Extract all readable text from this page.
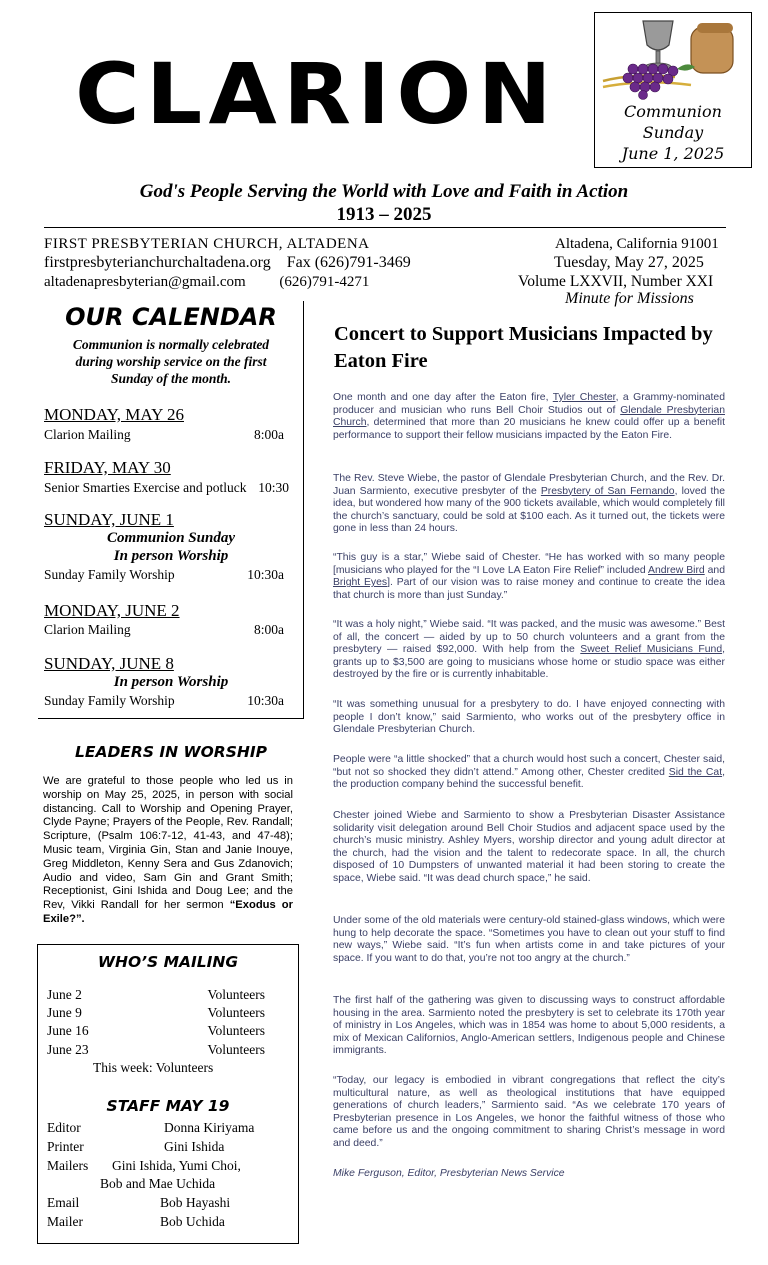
CLARION	Communion
Sunday
June 1, 2025
God's People Serving the World with Love and Faith in Action
1913 – 2025
FIRST PRESBYTERIAN CHURCH, ALTADENA
firstpresbyterianchurchaltadena.org    Fax (626)791-3469
altadenapresbyterian@gmail.com         (626)791-4271
Altadena, California 91001
Tuesday, May 27, 2025
Volume LXXVII, Number XXI
OUR CALENDAR
Communion is normally celebrated during worship service on the first Sunday of the month.
MONDAY, MAY 26
Clarion Mailing	8:00a
FRIDAY, MAY 30
Senior Smarties Exercise and potluck 10:30
SUNDAY, JUNE 1
Communion Sunday
In person Worship
Sunday Family Worship	10:30a
MONDAY, JUNE 2
Clarion Mailing	8:00a
SUNDAY, JUNE 8
In person Worship
Sunday Family Worship	10:30a
LEADERS IN WORSHIP
We are grateful to those people who led us in worship on May 25, 2025, in person with social distancing. Call to Worship and Opening Prayer, Clyde Payne; Prayers of the People, Rev. Randall; Scripture, (Psalm 106:7-12, 41-43, and 47-48); Music team, Virginia Gin, Stan and Janie Inouye, Greg Middleton, Kenny Sera and Gus Zdanovich; Audio and video, Sam Gin and Grant Smith; Receptionist, Gini Ishida and Doug Lee; and the Rev, Vikki Randall for her sermon “Exodus or Exile?”.
WHO’S MAILING
June 2	Volunteers
June 9	Volunteers
June 16	Volunteers
June 23	Volunteers
This week: Volunteers
STAFF MAY 19
Editor	Donna Kiriyama
Printer	Gini Ishida
Mailers Gini Ishida, Yumi Choi,
Bob and Mae Uchida
Email	Bob Hayashi
Mailer	Bob Uchida
Minute for Missions
Concert to Support Musicians Impacted by Eaton Fire
One month and one day after the Eaton fire, Tyler Chester, a Grammy-nominated producer and musician who runs Bell Choir Studios out of Glendale Presbyterian Church, determined that more than 20 musicians he knew could offer up a benefit performance to support their fellow musicians impacted by the Eaton Fire.
The Rev. Steve Wiebe, the pastor of Glendale Presbyterian Church, and the Rev. Dr. Juan Sarmiento, executive presbyter of the Presbytery of San Fernando, loved the idea, but wondered how many of the 900 tickets available, which would completely fill the church’s sanctuary, could be sold at $100 each. As it turned out, the tickets were gone in less than 24 hours.
“This guy is a star,” Wiebe said of Chester. “He has worked with so many people [musicians who played for the “I Love LA Eaton Fire Relief” included Andrew Bird and Bright Eyes]. Part of our vision was to raise money and continue to create the idea that church is more than just Sunday.”
“It was a holy night,” Wiebe said. “It was packed, and the music was awesome.” Best of all, the concert — aided by up to 50 church volunteers and a grant from the presbytery — raised $92,000. With help from the Sweet Relief Musicians Fund, grants up to $3,500 are going to musicians whose home or studio space was either destroyed by the fire or is currently inhabitable.
“It was something unusual for a presbytery to do. I have enjoyed connecting with people I don’t know,” said Sarmiento, who works out of the presbytery office in Glendale Presbyterian Church.
People were “a little shocked” that a church would host such a concert, Chester said, “but not so shocked they didn’t attend.” Among other, Chester credited Sid the Cat, the production company behind the successful benefit.
Chester joined Wiebe and Sarmiento to show a Presbyterian Disaster Assistance solidarity visit delegation around Bell Choir Studios and adjacent space used by the church’s music ministry. Ashley Myers, worship director and young adult director at the church, had the vision and the talent to redecorate space. In all, the church disposed of 10 Dumpsters of unwanted material it had been storing to create the space, Wiebe said. “It was dead church space,” he said.
Under some of the old materials were century-old stained-glass windows, which were hung to help decorate the space. “Sometimes you have to clean out your stuff to find new ways,” Wiebe said. “It’s fun when artists come in and take pictures of your space. If you want to do that, you’re not too angry at the church.”
The first half of the gathering was given to discussing ways to construct affordable housing in the area. Sarmiento noted the presbytery is set to celebrate its 170th year of ministry in Los Angeles, which was in 1854 was home to about 5,000 residents, a mix of Mexican Californios, Anglo-American settlers, Indigenous people and Chinese immigrants.
“Today, our legacy is embodied in vibrant congregations that reflect the city’s multicultural nature, as well as theological institutions that have equipped generations of church leaders,” Sarmiento said. “As we celebrate 170 years of Presbyterian presence in Los Angeles, we honor the faithful witness of those who came before us and the ongoing commitment to sharing Christ’s message in word and deed.”
Mike Ferguson, Editor, Presbyterian News Service
